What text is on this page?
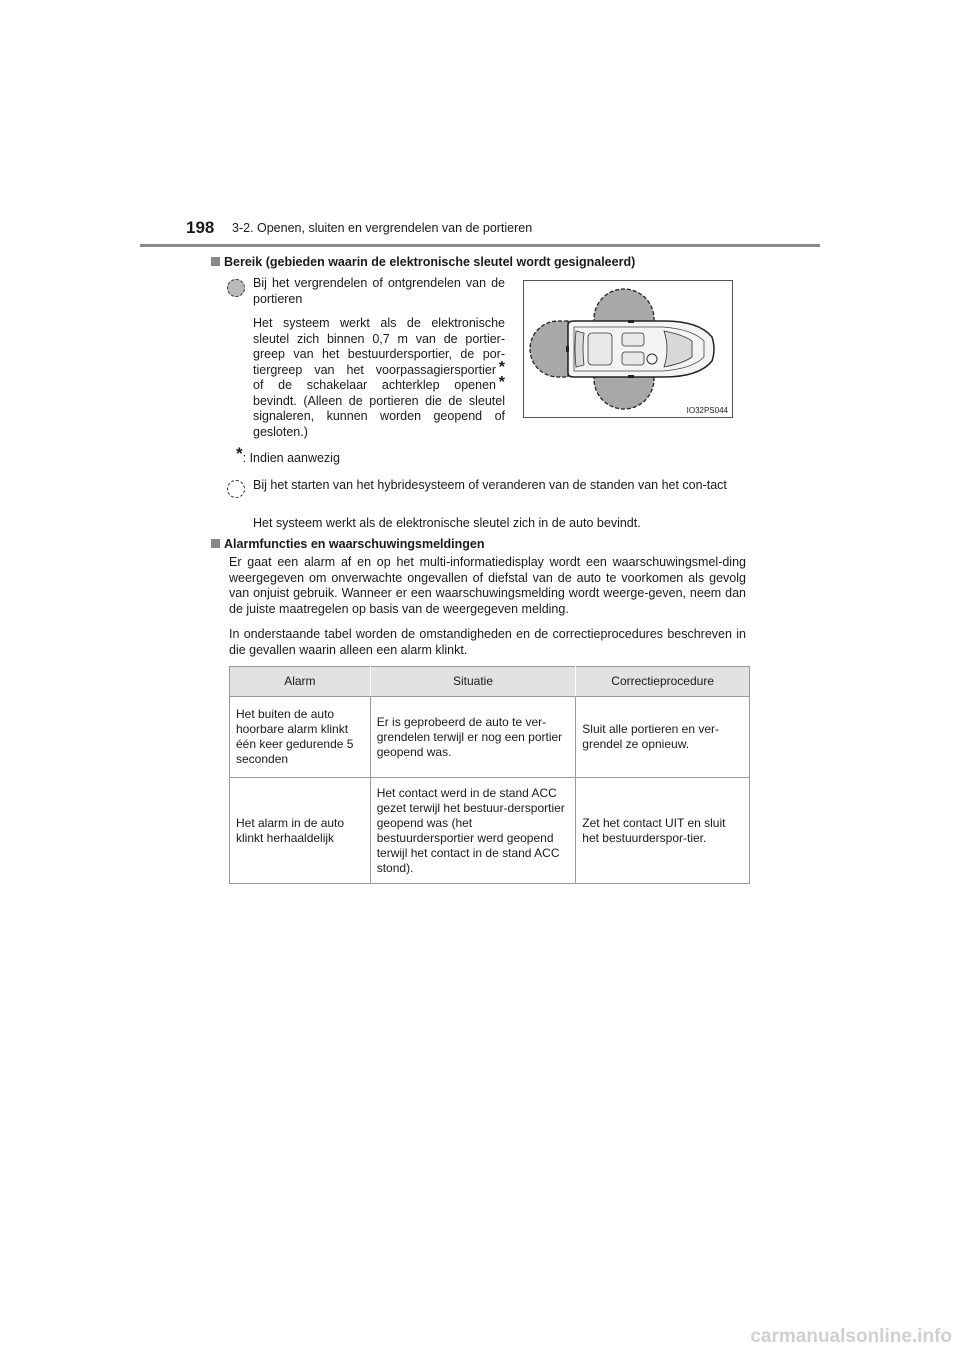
198 3-2. Openen, sluiten en vergrendelen van de portieren
Bereik (gebieden waarin de elektronische sleutel wordt gesignaleerd)
Bij het vergrendelen of ontgrendelen van de portieren
Het systeem werkt als de elektronische
sleutel zich binnen 0,7 m van de portier-
greep van het bestuurdersportier, de por-
tiergreep van het voorpassagiersportier *
of de schakelaar achterklep openen *
bevindt. (Alleen de portieren die de sleutel
signaleren, kunnen worden geopend of
gesloten.)
*: Indien aanwezig
IO32PS044
Bij het starten van het hybridesysteem of veranderen van de standen van het con-tact
Het systeem werkt als de elektronische sleutel zich in de auto bevindt.
Alarmfuncties en waarschuwingsmeldingen
Er gaat een alarm af en op het multi-informatiedisplay wordt een waarschuwingsmel-ding weergegeven om onverwachte ongevallen of diefstal van de auto te voorkomen als gevolg van onjuist gebruik. Wanneer er een waarschuwingsmelding wordt weerge-geven, neem dan de juiste maatregelen op basis van de weergegeven melding.
In onderstaande tabel worden de omstandigheden en de correctieprocedures beschreven in die gevallen waarin alleen een alarm klinkt.
Alarm	Situatie	Correctieprocedure
Het buiten de auto hoorbare alarm klinkt één keer gedurende 5 seconden	Er is geprobeerd de auto te ver-grendelen terwijl er nog een portier geopend was.	Sluit alle portieren en ver-grendel ze opnieuw.
Het alarm in de auto klinkt herhaaldelijk	Het contact werd in de stand ACC gezet terwijl het bestuur-dersportier geopend was (het bestuurdersportier werd geopend terwijl het contact in de stand ACC stond).	Zet het contact UIT en sluit het bestuurderspor-tier.
carmanualsonline.info
